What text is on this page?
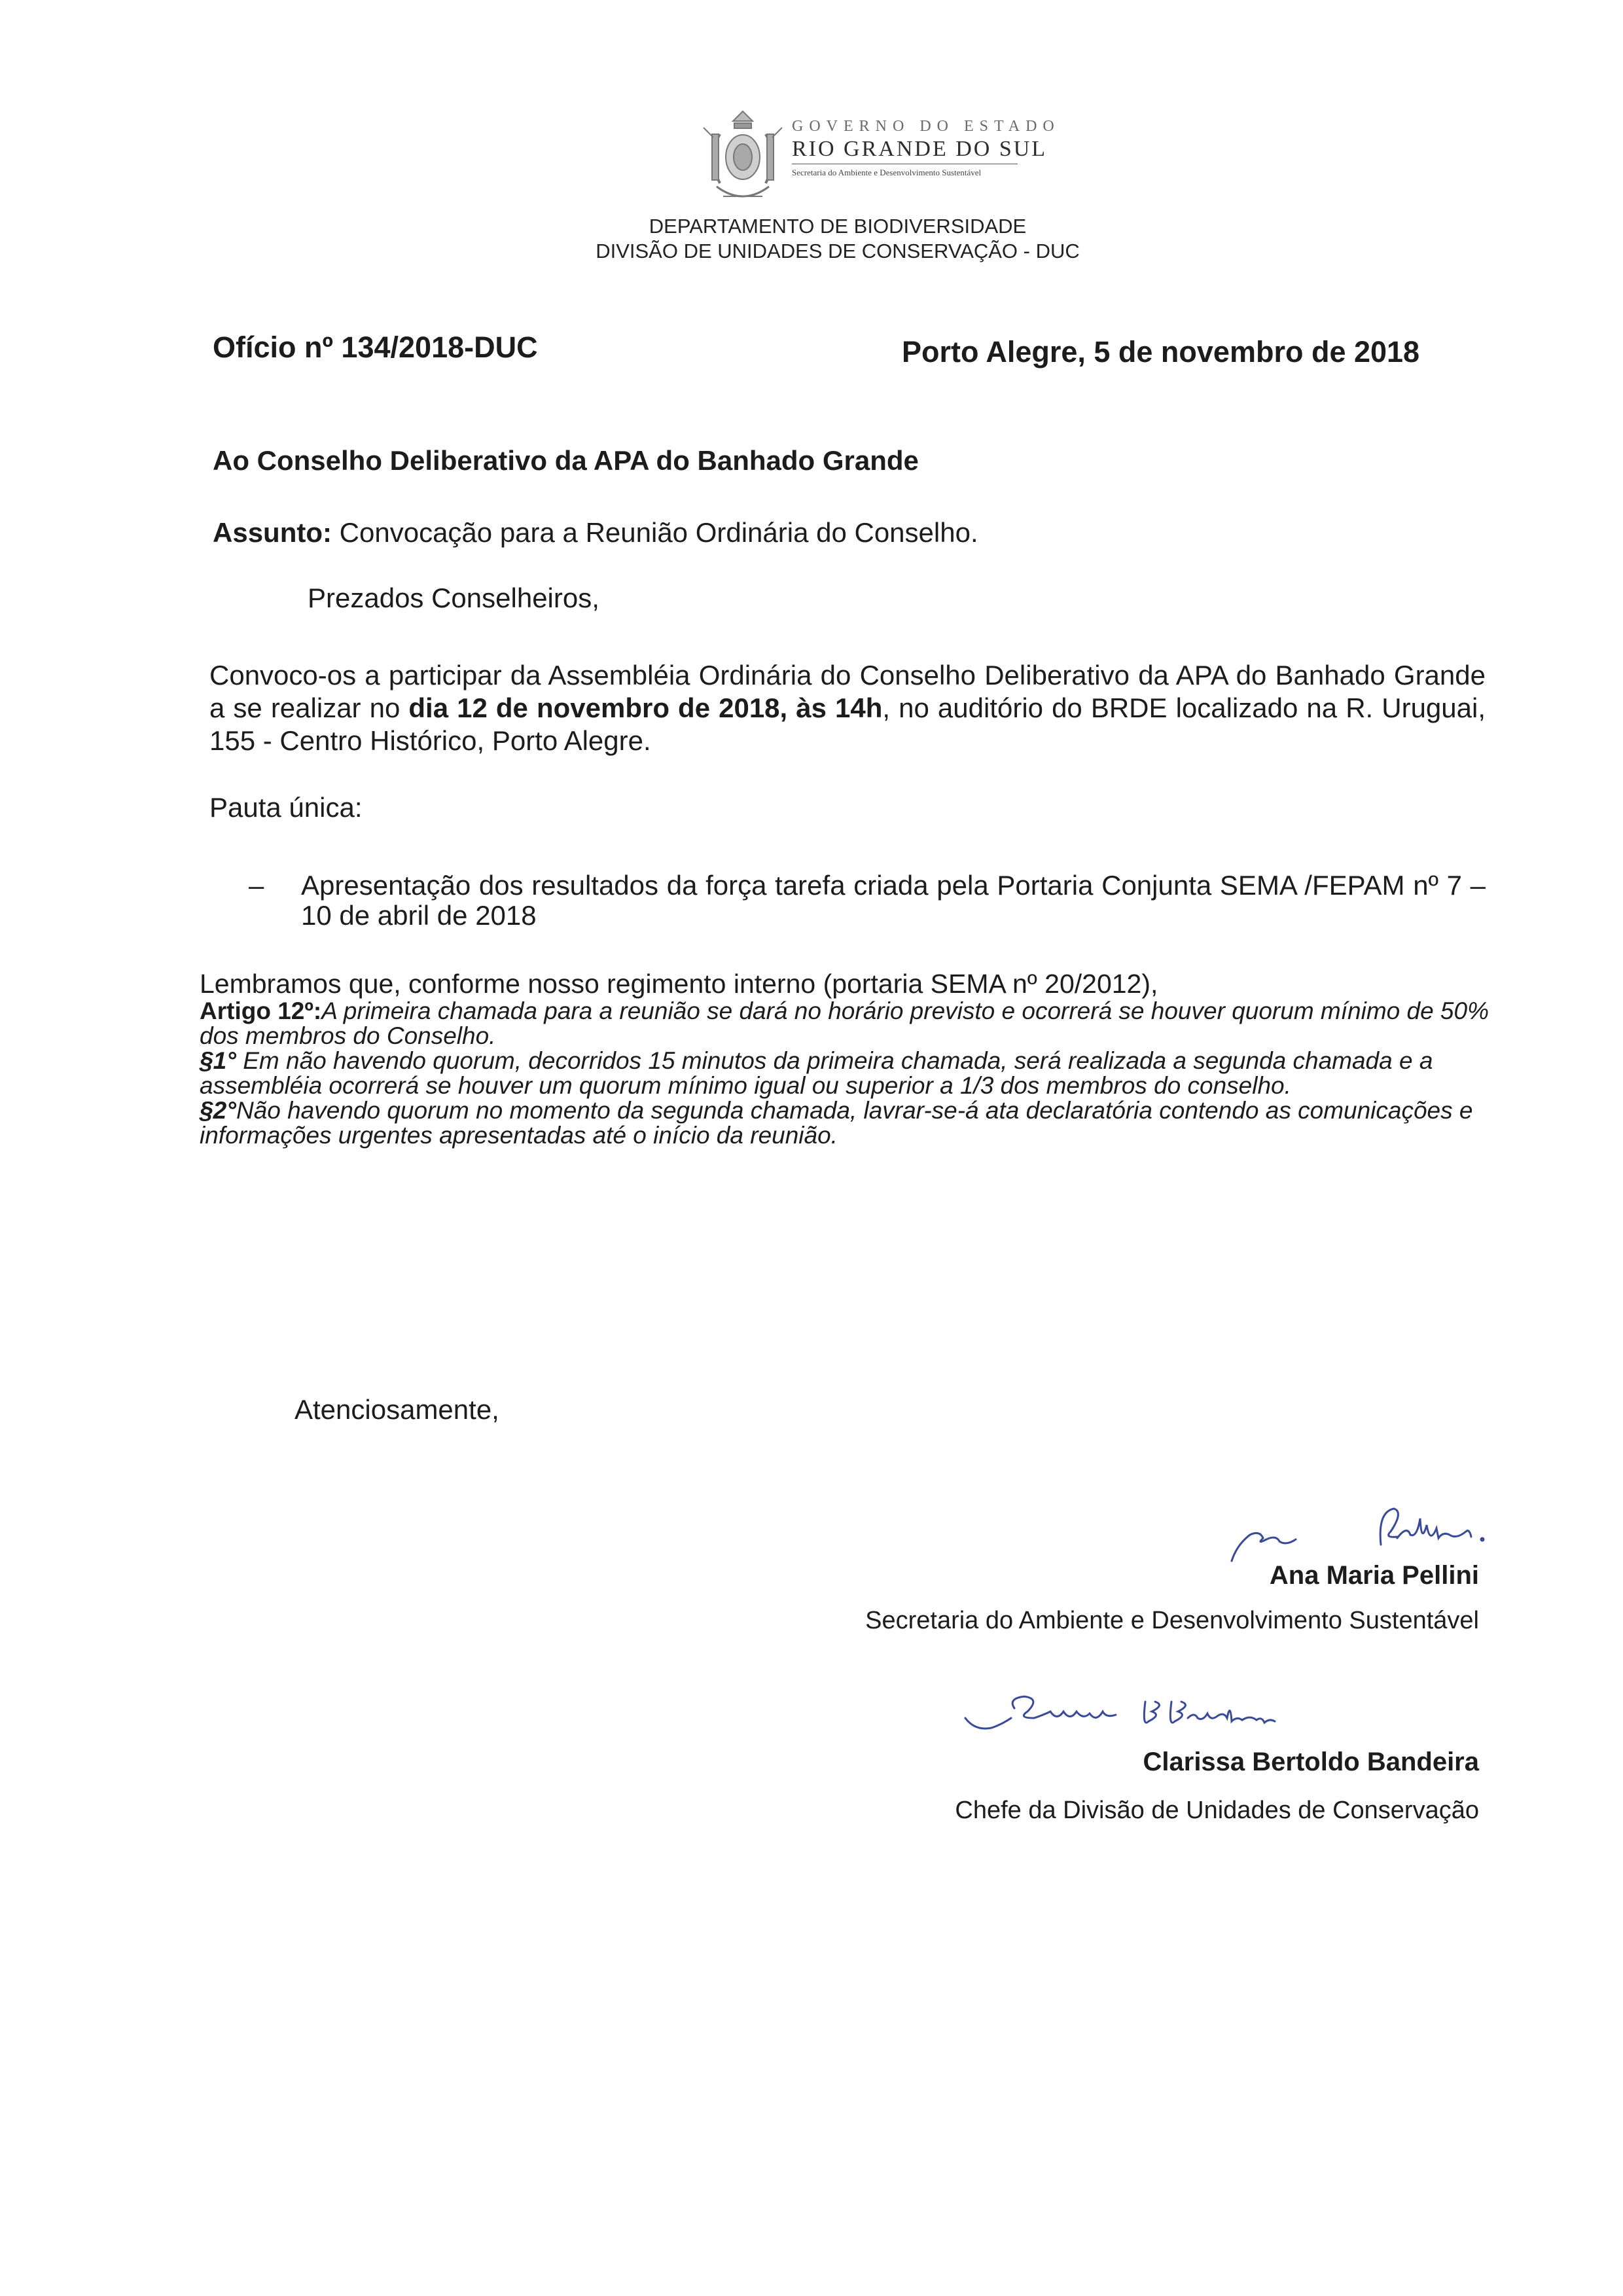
GOVERNO DO ESTADO
RIO GRANDE DO SUL
Secretaria do Ambiente e Desenvolvimento Sustentável
DEPARTAMENTO DE BIODIVERSIDADE
DIVISÃO DE UNIDADES DE CONSERVAÇÃO - DUC
Ofício nº 134/2018-DUC	Porto Alegre, 5 de novembro de 2018
Ao Conselho Deliberativo da APA do Banhado Grande
Assunto: Convocação para a Reunião Ordinária do Conselho.
Prezados Conselheiros,
Convoco-os a participar da Assembléia Ordinária do Conselho Deliberativo da APA do Banhado Grande a se realizar no dia 12 de novembro de 2018, às 14h, no auditório do BRDE localizado na R. Uruguai, 155 - Centro Histórico, Porto Alegre.
Pauta única:
– Apresentação dos resultados da força tarefa criada pela Portaria Conjunta SEMA /FEPAM nº 7 – 10 de abril de 2018

Lembramos que, conforme nosso regimento interno (portaria SEMA nº 20/2012),

Artigo 12º:A primeira chamada para a reunião se dará no horário previsto e ocorrerá se houver quorum mínimo de 50% dos membros do Conselho.

§1° Em não havendo quorum, decorridos 15 minutos da primeira chamada, será realizada a segunda chamada e a assembléia ocorrerá se houver um quorum mínimo igual ou superior a 1/3 dos membros do conselho.

§2°Não havendo quorum no momento da segunda chamada, lavrar-se-á ata declaratória contendo as comunicações e informações urgentes apresentadas até o início da reunião.

Atenciosamente,
Ana Maria Pellini
Secretaria do Ambiente e Desenvolvimento Sustentável
Clarissa Bertoldo Bandeira
Chefe da Divisão de Unidades de Conservação
